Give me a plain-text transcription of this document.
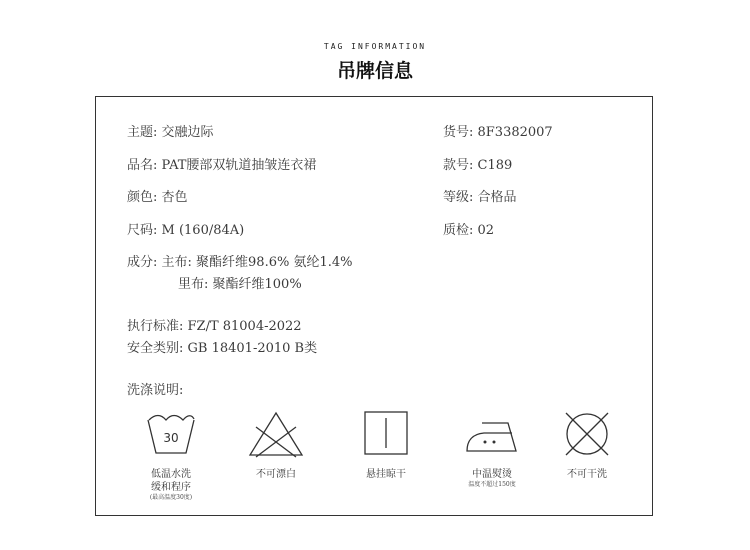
TAG INFORMATION
吊牌信息
主题: 交融边际
品名: PAT腰部双轨道抽皱连衣裙
颜色: 杏色
尺码: M (160/84A)
成分: 主布: 聚酯纤维98.6% 氨纶1.4%
里布: 聚酯纤维100%
执行标准: FZ/T 81004-2022
安全类别: GB 18401-2010 B类
洗涤说明:
货号: 8F3382007
款号: C189
等级: 合格品
质检: 02
30
低温水洗
缓和程序
(最高温度30度)
不可漂白	悬挂晾干	中温熨烫
温度不超过150度
不可干洗
